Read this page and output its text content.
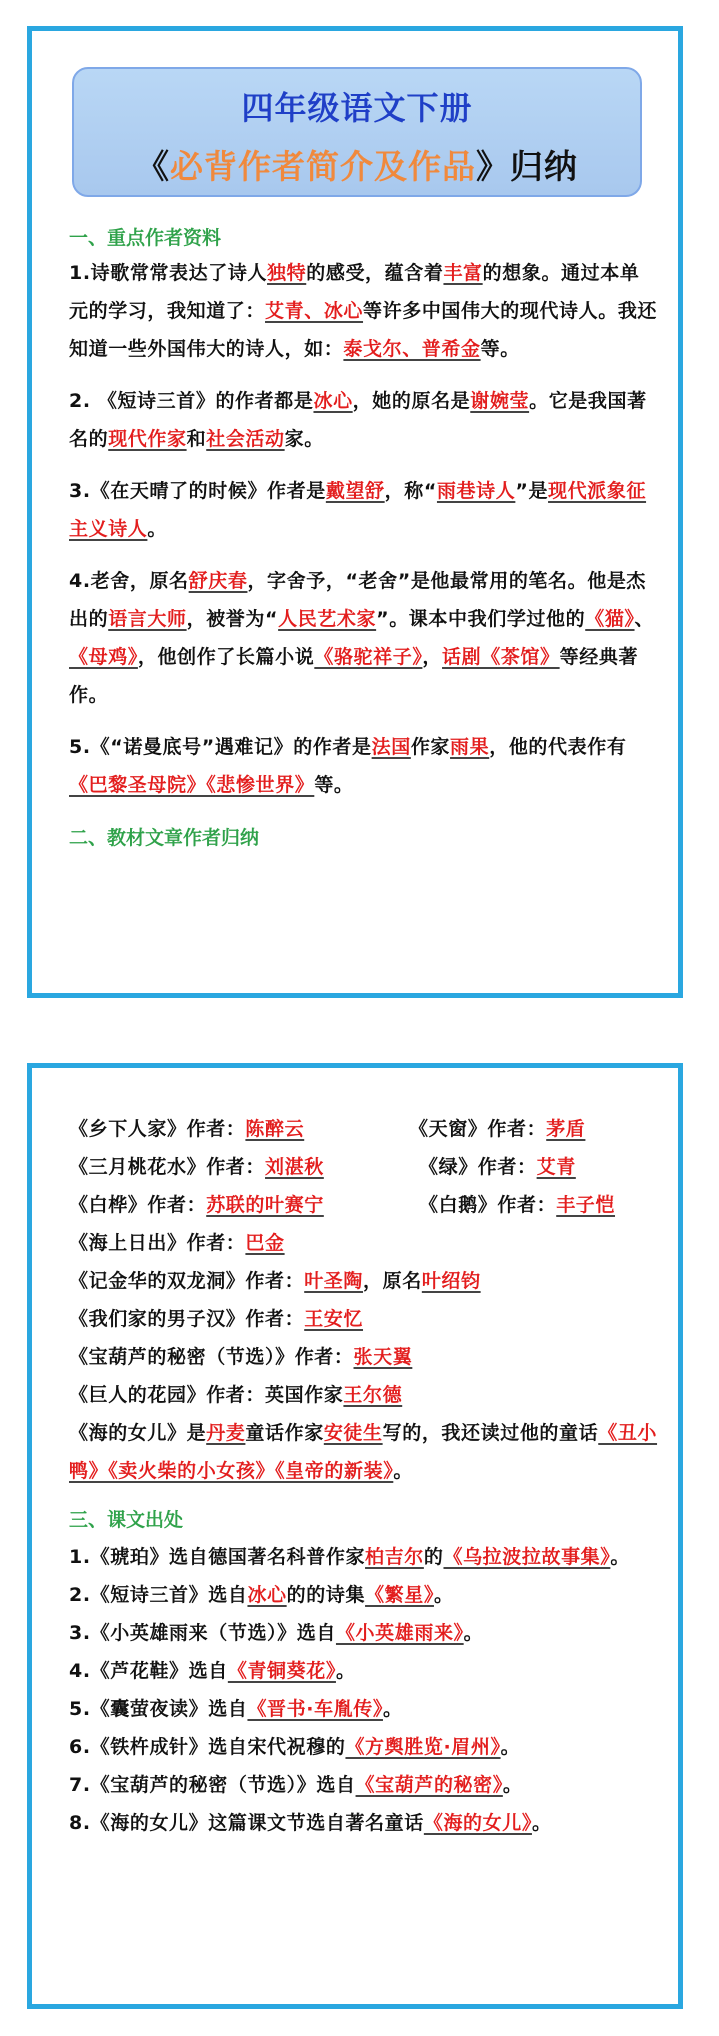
四年级语文下册
《必背作者简介及作品》归纳
一、重点作者资料
1.诗歌常常表达了诗人独特的感受，蕴含着丰富的想象。通过本单元的学习，我知道了：艾青、冰心等许多中国伟大的现代诗人。我还知道一些外国伟大的诗人，如：泰戈尔、普希金等。
2. 《短诗三首》的作者都是冰心，她的原名是谢婉莹。它是我国著名的现代作家和社会活动家。
3.《在天晴了的时候》作者是戴望舒，称“雨巷诗人”是现代派象征主义诗人。
4.老舍，原名舒庆春，字舍予，“老舍”是他最常用的笔名。他是杰出的语言大师，被誉为“人民艺术家”。课本中我们学过他的《猫》、《母鸡》，他创作了长篇小说《骆驼祥子》，话剧《茶馆》等经典著作。
5.《“诺曼底号”遇难记》的作者是法国作家雨果，他的代表作有《巴黎圣母院》《悲惨世界》等。
二、教材文章作者归纳
《乡下人家》作者：陈醉云	《天窗》作者：茅盾
《三月桃花水》作者：刘湛秋	《绿》作者：艾青
《白桦》作者：苏联的叶赛宁	《白鹅》作者：丰子恺
《海上日出》作者：巴金
《记金华的双龙洞》作者：叶圣陶，原名叶绍钧
《我们家的男子汉》作者：王安忆
《宝葫芦的秘密（节选）》作者：张天翼
《巨人的花园》作者：英国作家王尔德
《海的女儿》是丹麦童话作家安徒生写的，我还读过他的童话《丑小鸭》《卖火柴的小女孩》《皇帝的新装》。
三、课文出处
1.《琥珀》选自德国著名科普作家柏吉尔的《乌拉波拉故事集》。
2.《短诗三首》选自冰心的的诗集《繁星》。
3.《小英雄雨来（节选）》选自《小英雄雨来》。
4.《芦花鞋》选自《青铜葵花》。
5.《囊萤夜读》选自《晋书·车胤传》。
6.《铁杵成针》选自宋代祝穆的《方舆胜览·眉州》。
7.《宝葫芦的秘密（节选）》选自《宝葫芦的秘密》。
8.《海的女儿》这篇课文节选自著名童话《海的女儿》。
